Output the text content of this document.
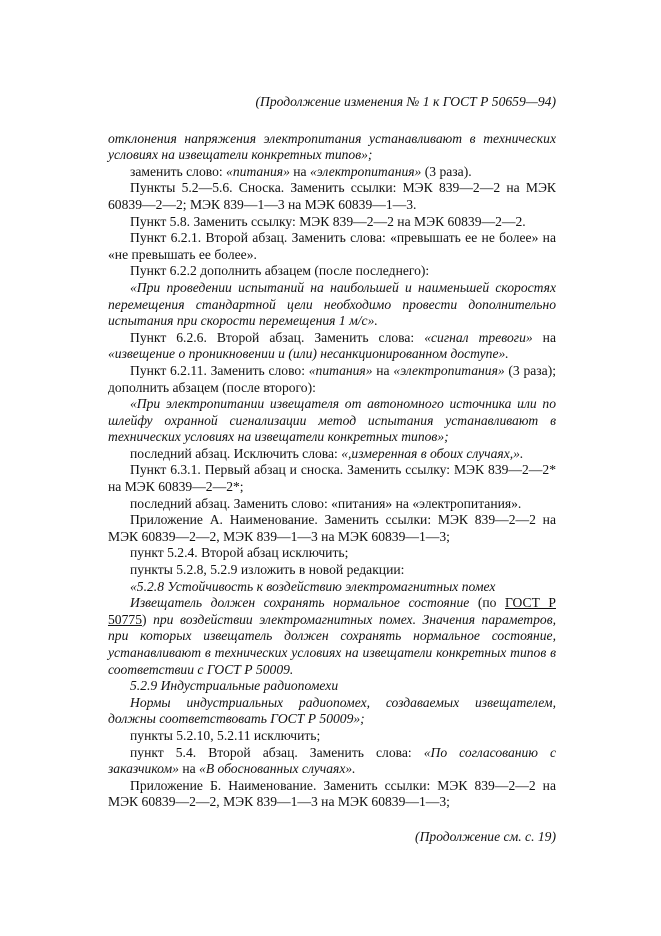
(Продолжение изменения № 1 к ГОСТ Р 50659—94)

отклонения напряжения электропитания устанавливают в технических условиях на извещатели конкретных типов»;

заменить слово: «питания» на «электропитания» (3 раза).

Пункты 5.2—5.6. Сноска. Заменить ссылки: МЭК 839—2—2 на МЭК 60839—2—2; МЭК 839—1—3 на МЭК 60839—1—3.

Пункт 5.8. Заменить ссылку: МЭК 839—2—2 на МЭК 60839—2—2.

Пункт 6.2.1. Второй абзац. Заменить слова: «превышать ее не более» на «не превышать ее более».

Пункт 6.2.2 дополнить абзацем (после последнего):

«При проведении испытаний на наибольшей и наименьшей скоростях перемещения стандартной цели необходимо провести дополнительно испытания при скорости перемещения 1 м/с».

Пункт 6.2.6. Второй абзац. Заменить слова: «сигнал тревоги» на «извещение о проникновении и (или) несанкционированном доступе».

Пункт 6.2.11. Заменить слово: «питания» на «электропитания» (3 раза); дополнить абзацем (после второго):

«При электропитании извещателя от автономного источника или по шлейфу охранной сигнализации метод испытания устанавливают в технических условиях на извещатели конкретных типов»;

последний абзац. Исключить слова: «,измеренная в обоих случаях,».

Пункт 6.3.1. Первый абзац и сноска. Заменить ссылку: МЭК 839—2—2* на МЭК 60839—2—2*;

последний абзац. Заменить слово: «питания» на «электропитания».

Приложение А. Наименование. Заменить ссылки: МЭК 839—2—2 на МЭК 60839—2—2, МЭК 839—1—3 на МЭК 60839—1—3;

пункт 5.2.4. Второй абзац исключить;

пункты 5.2.8, 5.2.9 изложить в новой редакции:

«5.2.8 Устойчивость к воздействию электромагнитных помех

Извещатель должен сохранять нормальное состояние (по ГОСТ Р 50775) при воздействии электромагнитных помех. Значения параметров, при которых извещатель должен сохранять нормальное состояние, устанавливают в технических условиях на извещатели конкретных типов в соответствии с ГОСТ Р 50009.

5.2.9 Индустриальные радиопомехи

Нормы индустриальных радиопомех, создаваемых извещателем, должны соответствовать ГОСТ Р 50009»;

пункты 5.2.10, 5.2.11 исключить;

пункт 5.4. Второй абзац. Заменить слова: «По согласованию с заказчиком» на «В обоснованных случаях».

Приложение Б. Наименование. Заменить ссылки: МЭК 839—2—2 на МЭК 60839—2—2, МЭК 839—1—3 на МЭК 60839—1—3;

(Продолжение см. с. 19)
